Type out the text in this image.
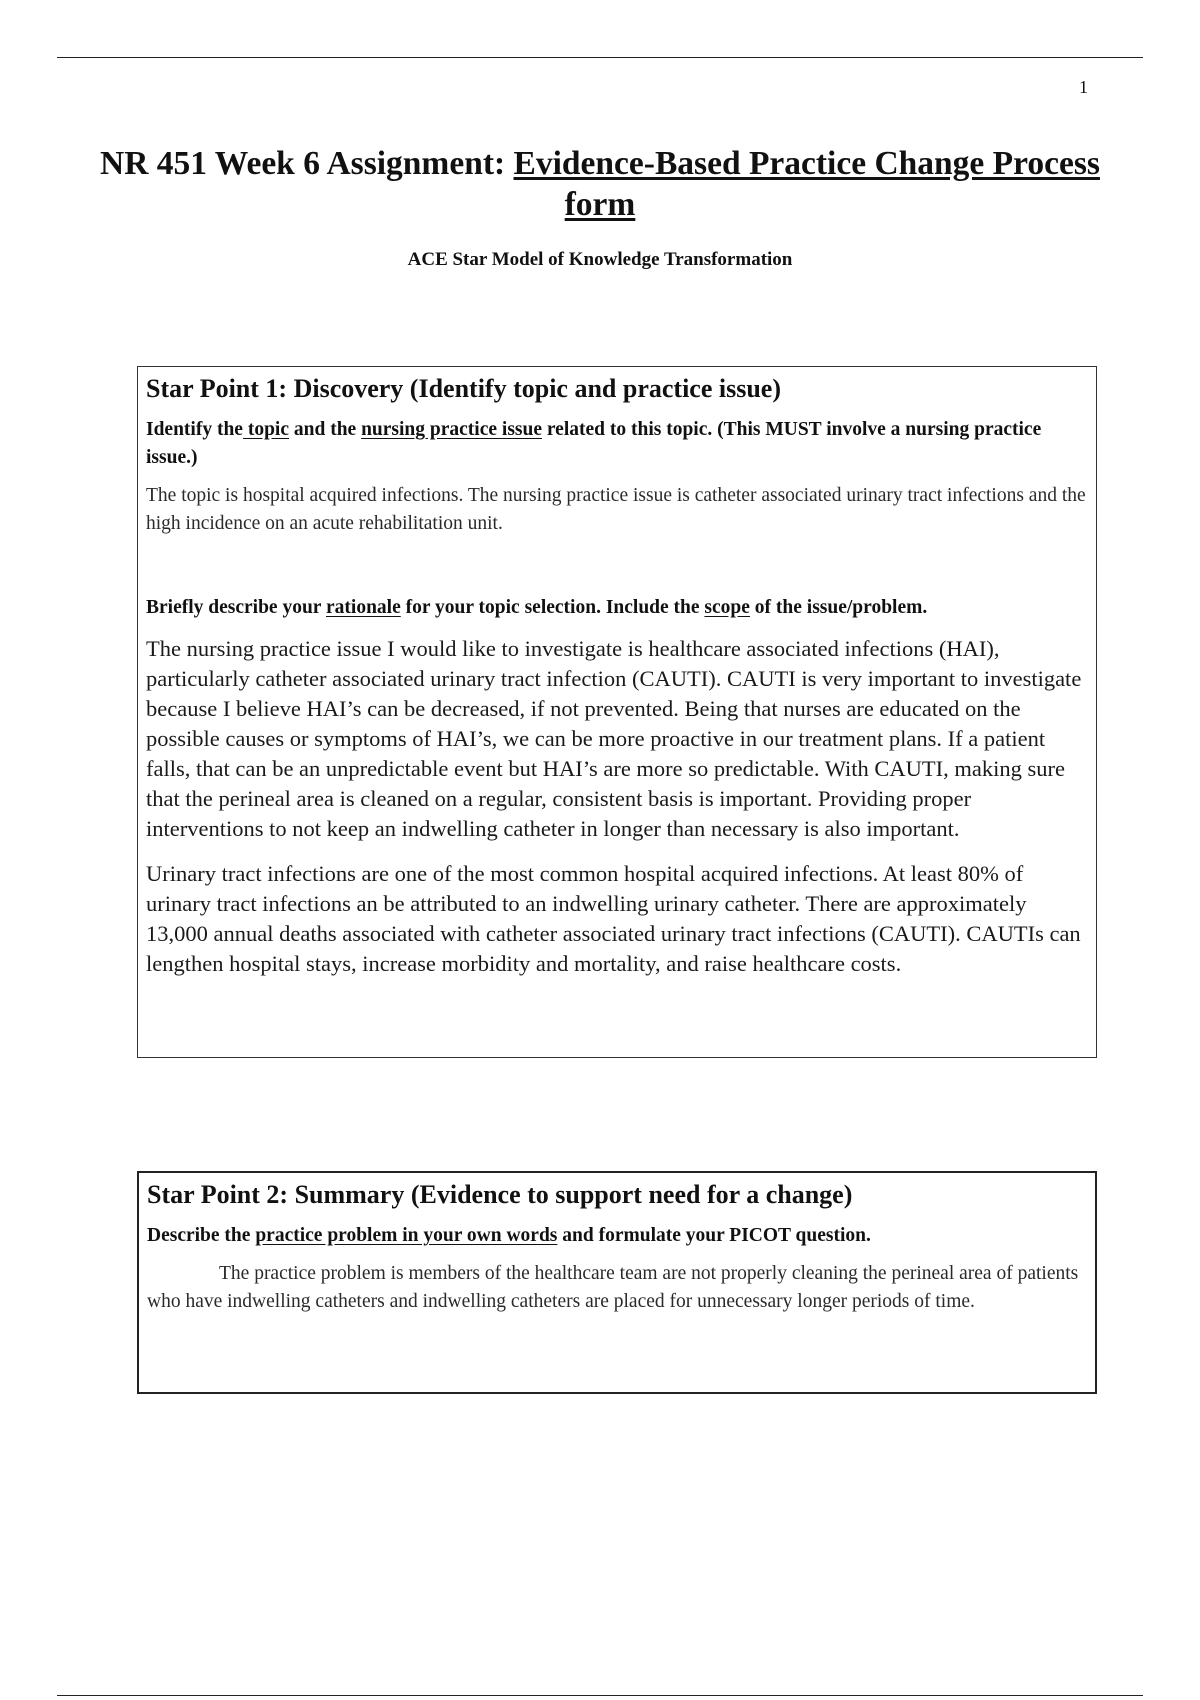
1
NR 451 Week 6 Assignment: Evidence-Based Practice Change Process form

ACE Star Model of Knowledge Transformation

Star Point 1: Discovery (Identify topic and practice issue)

Identify the topic and the nursing practice issue related to this topic. (This MUST involve a nursing practice issue.)

The topic is hospital acquired infections. The nursing practice issue is catheter associated urinary tract infections and the high incidence on an acute rehabilitation unit.

Briefly describe your rationale for your topic selection. Include the scope of the issue/problem.

The nursing practice issue I would like to investigate is healthcare associated infections (HAI), particularly catheter associated urinary tract infection (CAUTI). CAUTI is very important to investigate because I believe HAI’s can be decreased, if not prevented. Being that nurses are educated on the possible causes or symptoms of HAI’s, we can be more proactive in our treatment plans. If a patient falls, that can be an unpredictable event but HAI’s are more so predictable. With CAUTI, making sure that the perineal area is cleaned on a regular, consistent basis is important. Providing proper interventions to not keep an indwelling catheter in longer than necessary is also important.

Urinary tract infections are one of the most common hospital acquired infections. At least 80% of urinary tract infections an be attributed to an indwelling urinary catheter. There are approximately 13,000 annual deaths associated with catheter associated urinary tract infections (CAUTI). CAUTIs can lengthen hospital stays, increase morbidity and mortality, and raise healthcare costs.

Star Point 2: Summary (Evidence to support need for a change)

Describe the practice problem in your own words and formulate your PICOT question.

The practice problem is members of the healthcare team are not properly cleaning the perineal area of patients who have indwelling catheters and indwelling catheters are placed for unnecessary longer periods of time.
